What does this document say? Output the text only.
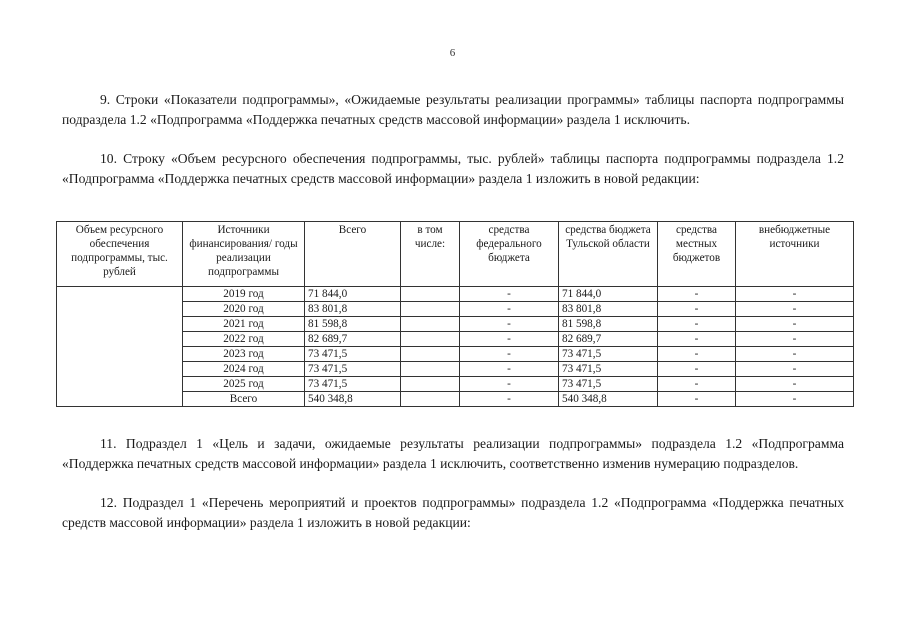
6
9. Строки «Показатели подпрограммы», «Ожидаемые результаты реализации программы» таблицы паспорта подпрограммы подраздела 1.2 «Подпрограмма «Поддержка печатных средств массовой информации» раздела 1 исключить.
10. Строку «Объем ресурсного обеспечения подпрограммы, тыс. рублей» таблицы паспорта подпрограммы подраздела 1.2 «Подпрограмма «Поддержка печатных средств массовой информации» раздела 1 изложить в новой редакции:
Объем ресурсного обеспечения подпрограммы, тыс. рублей	Источники финансирования/ годы реализации подпрограммы	Всего	в том числе:	средства федерального бюджета	средства бюджета Тульской области	средства местных бюджетов	внебюджетные источники
	2019 год	71 844,0		-	71 844,0	-	-
	2020 год	83 801,8		-	83 801,8	-	-
	2021 год	81 598,8		-	81 598,8	-	-
	2022 год	82 689,7		-	82 689,7	-	-
	2023 год	73 471,5		-	73 471,5	-	-
	2024 год	73 471,5		-	73 471,5	-	-
	2025 год	73 471,5		-	73 471,5	-	-
	Всего	540 348,8		-	540 348,8	-	-
11. Подраздел 1 «Цель и задачи, ожидаемые результаты реализации подпрограммы» подраздела 1.2 «Подпрограмма «Поддержка печатных средств массовой информации» раздела 1 исключить, соответственно изменив нумерацию подразделов.
12. Подраздел 1 «Перечень мероприятий и проектов подпрограммы» подраздела 1.2 «Подпрограмма «Поддержка печатных средств массовой информации» раздела 1 изложить в новой редакции:
